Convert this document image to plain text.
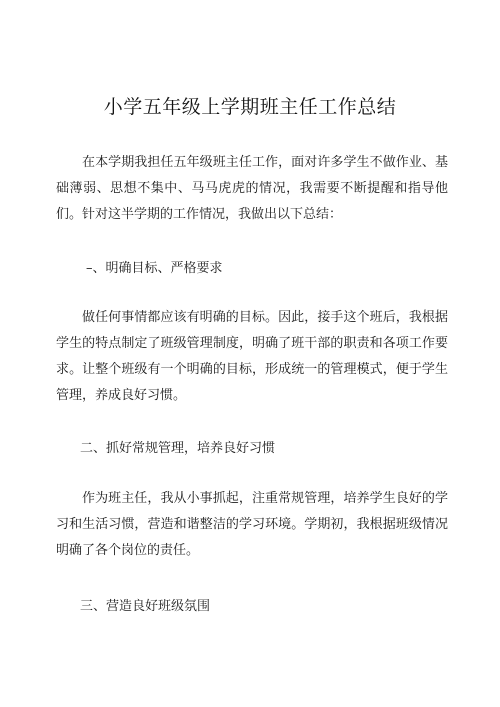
小学五年级上学期班主任工作总结

在本学期我担任五年级班主任工作，面对许多学生不做作业、基础薄弱、思想不集中、马马虎虎的情况，我需要不断提醒和指导他们。针对这半学期的工作情况，我做出以下总结：

–、明确目标、严格要求

做任何事情都应该有明确的目标。因此，接手这个班后，我根据学生的特点制定了班级管理制度，明确了班干部的职责和各项工作要求。让整个班级有一个明确的目标，形成统一的管理模式，便于学生管理，养成良好习惯。

二、抓好常规管理，培养良好习惯

作为班主任，我从小事抓起，注重常规管理，培养学生良好的学习和生活习惯，营造和谐整洁的学习环境。学期初，我根据班级情况明确了各个岗位的责任。

三、营造良好班级氛围
